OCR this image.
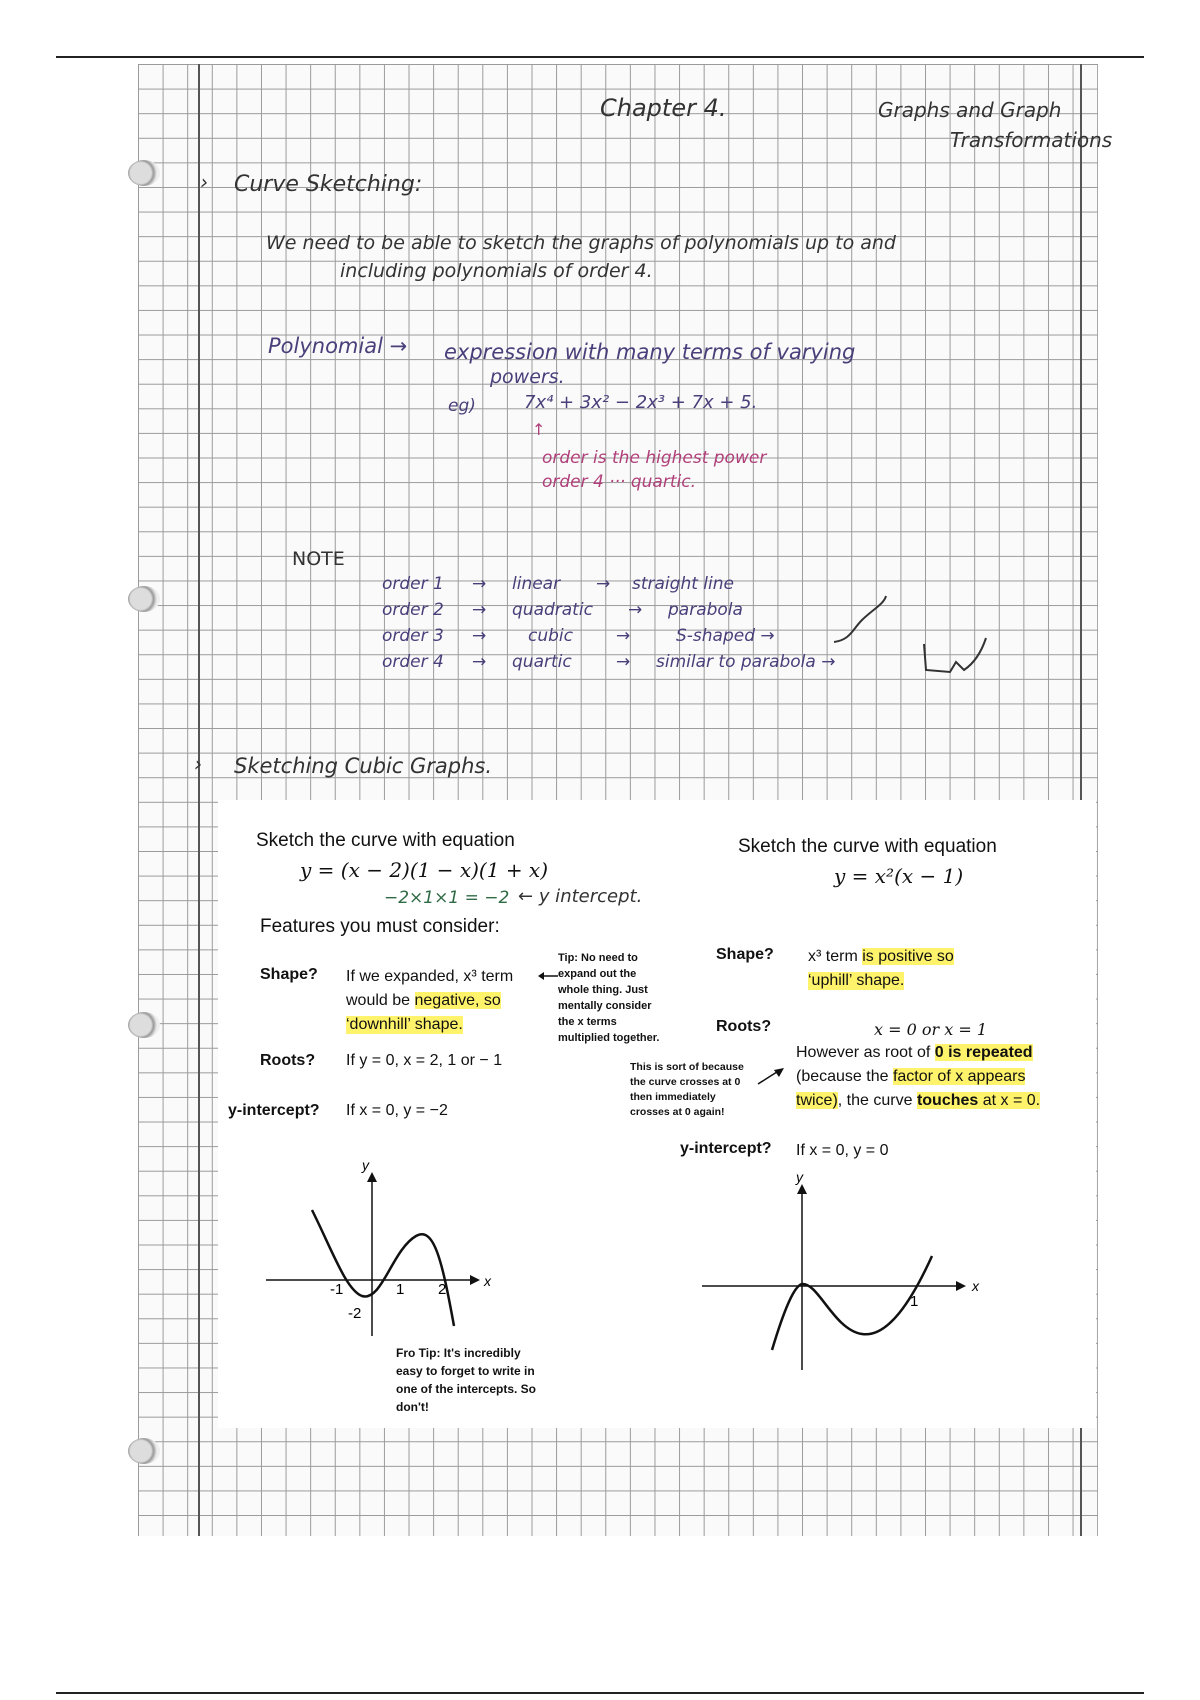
Chapter 4.	Graphs and Graph
Transformations
› Curve Sketching:
We need to be able to sketch the graphs of polynomials up to and
including polynomials of order 4.
Polynomial → expression with many terms of varying
powers.
eg)	7x⁴ + 3x² − 2x³ + 7x + 5.
↑
order is the highest power
order 4 ··· quartic.
NOTE
order 1 → linear → straight line
order 2 → quadratic → parabola
order 3 → cubic	→	S-shaped →
order 4 → quartic	→ similar to parabola →
› Sketching Cubic Graphs.
Sketch the curve with equation
y = (x − 2)(1 − x)(1 + x)
−2×1×1 = −2 ← y intercept.
Features you must consider:
Shape? If we expanded, x³ term
would be negative, so
‘downhill’ shape.
Tip: No need to
expand out the
whole thing. Just
mentally consider
the x terms
multiplied together.
Roots? If y = 0, x = 2, 1 or − 1
y-intercept? If x = 0, y = −2
x
y
-1	1 2
-2
Fro Tip: It's incredibly
easy to forget to write in
one of the intercepts. So
don't!
Sketch the curve with equation
y = x²(x − 1)
Shape? x³ term is positive so
‘uphill’ shape.
Roots?	x = 0 or x = 1
However as root of 0 is repeated
(because the factor of x appears
twice), the curve touches at x = 0.
This is sort of because
the curve crosses at 0
then immediately
crosses at 0 again!
y-intercept? If x = 0, y = 0
x
y
1
